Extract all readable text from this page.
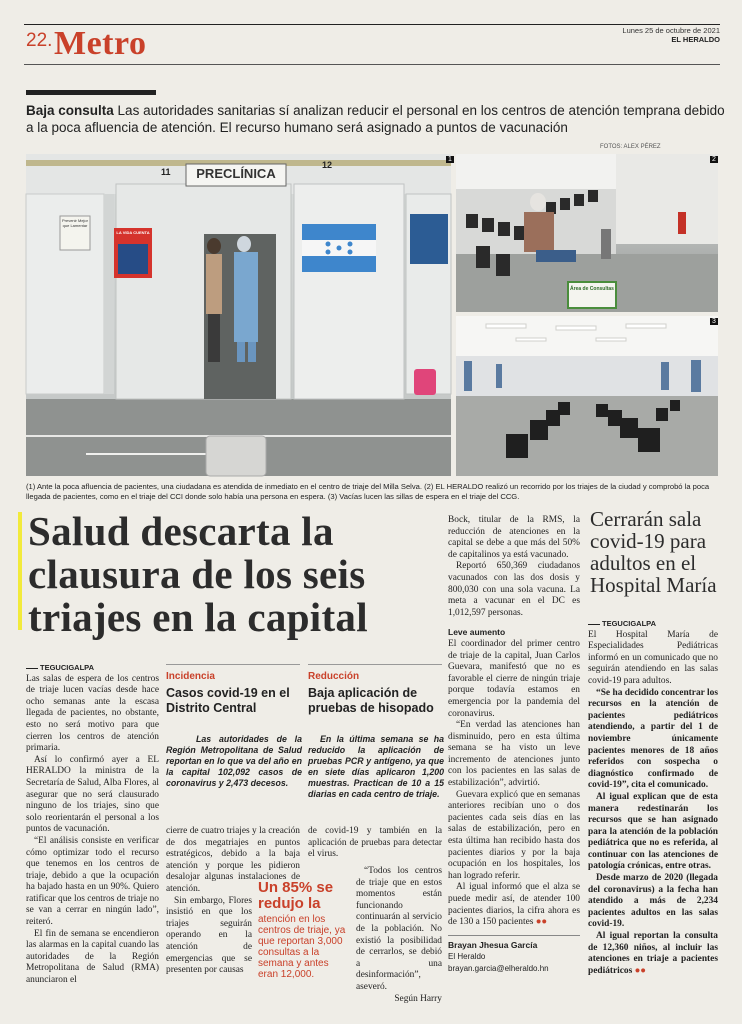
22. Metro	Lunes 25 de octubre de 2021
EL HERALDO
Baja consulta Las autoridades sanitarias sí analizan reducir el personal en los centros de atención temprana debido a la poca afluencia de atención. El recurso humano será asignado a puntos de vacunación
FOTOS: ALEX PÉREZ
1
PRECLÍNICA
11
12
Prevenir Mejor que Lamentar
LA VIDA CUENTA
2
Área de Consultas
3
(1) Ante la poca afluencia de pacientes, una ciudadana es atendida de inmediato en el centro de triaje del Milla Selva. (2) EL HERALDO realizó un recorrido por los triajes de la ciudad y comprobó la poca llegada de pacientes, como en el triaje del CCI donde solo había una persona en espera. (3) Vacías lucen las sillas de espera en el triaje del CCG.
Salud descarta la clausura de los seis triajes en la capital
TEGUCIGALPA

Las salas de espera de los centros de triaje lucen vacías desde hace ocho semanas ante la escasa llegada de pacientes, no obstante, esto no será motivo para que cierren los centros de atención primaria.

Así lo confirmó ayer a EL HERALDO la ministra de la Secretaría de Salud, Alba Flores, al asegurar que no será clausurado ninguno de los triajes, sino que solo reorientarán el personal a los puntos de vacunación.

“El análisis consiste en verificar cómo optimizar todo el recurso que tenemos en los centros de triaje, debido a que la ocupación ha bajado hasta en un 90%. Quiero ratificar que los centros de triaje no se van a cerrar en ningún lado”, reiteró.

El fin de semana se encendieron las alarmas en la capital cuando las autoridades de la Región Metropolitana de Salud (RMA) anunciaron el

Incidencia
Casos covid-19 en el Distrito Central
Las autoridades de la Región Metropolitana de Salud reportan en lo que va del año en la capital 102,092 casos de coronavirus y 2,473 decesos.
Reducción
Baja aplicación de pruebas de hisopado
En la última semana se ha reducido la aplicación de pruebas PCR y antígeno, ya que en siete días aplicaron 1,200 muestras. Practican de 10 a 15 diarias en cada centro de triaje.

cierre de cuatro triajes y la creación de dos megatriajes en puntos estratégicos, debido a la baja atención y porque les pidieron desalojar algunas instalaciones de atención.

Sin embargo, Flores insistió en que los triajes seguirán operando en la atención de emergencias que se presenten por causas

Un 85% se redujo la
atención en los centros de triaje, ya que reportan 3,000 consultas a la semana y antes eran 12,000.

de covid-19 y también en la aplicación de pruebas para detectar el virus.

“Todos los centros de triaje que en estos momentos están funcionando continuarán al servicio de la población. No existió la posibilidad de cerrarlos, se debió a una desinformación”, aseveró.

Según Harry

Bock, titular de la RMS, la reducción de atenciones en la capital se debe a que más del 50% de capitalinos ya está vacunado.

Reportó 650,369 ciudadanos vacunados con las dos dosis y 800,030 con una sola vacuna. La meta a vacunar en el DC es 1,012,597 personas.

Leve aumento

El coordinador del primer centro de triaje de la capital, Juan Carlos Guevara, manifestó que no es favorable el cierre de ningún triaje porque todavía estamos en emergencia por la pandemia del coronavirus.

“En verdad las atenciones han disminuido, pero en esta última semana se ha visto un leve incremento de atenciones junto con los pacientes en las salas de estabilización”, advirtió.

Guevara explicó que en semanas anteriores recibían uno o dos pacientes cada seis días en las salas de estabilización, pero en esta última han recibido hasta dos pacientes diarios y por la baja ocupación en los hospitales, los han logrado referir.

Al igual informó que el alza se puede medir así, de atender 100 pacientes diarios, la cifra ahora es de 130 a 150 pacientes ●●

Brayan Jhesua García
El Heraldo
brayan.garcia@elheraldo.hn
Cerrarán sala covid-19 para adultos en el Hospital María
TEGUCIGALPA

El Hospital María de Especialidades Pediátricas informó en un comunicado que no seguirán atendiendo en las salas covid-19 para adultos.

“Se ha decidido concentrar los recursos en la atención de pacientes pediátricos atendiendo, a partir del 1 de noviembre únicamente pacientes menores de 18 años referidos con sospecha o diagnóstico confirmado de covid-19”, cita el comunicado.

Al igual explican que de esta manera redestinarán los recursos que se han asignado para la atención de la población pediátrica que no es referida, al continuar con las atenciones de patología crónicas, entre otras.

Desde marzo de 2020 (llegada del coronavirus) a la fecha han atendido a más de 2,234 pacientes adultos en las salas covid-19.

Al igual reportan la consulta de 12,360 niños, al incluir las atenciones en triaje a pacientes pediátricos ●●
